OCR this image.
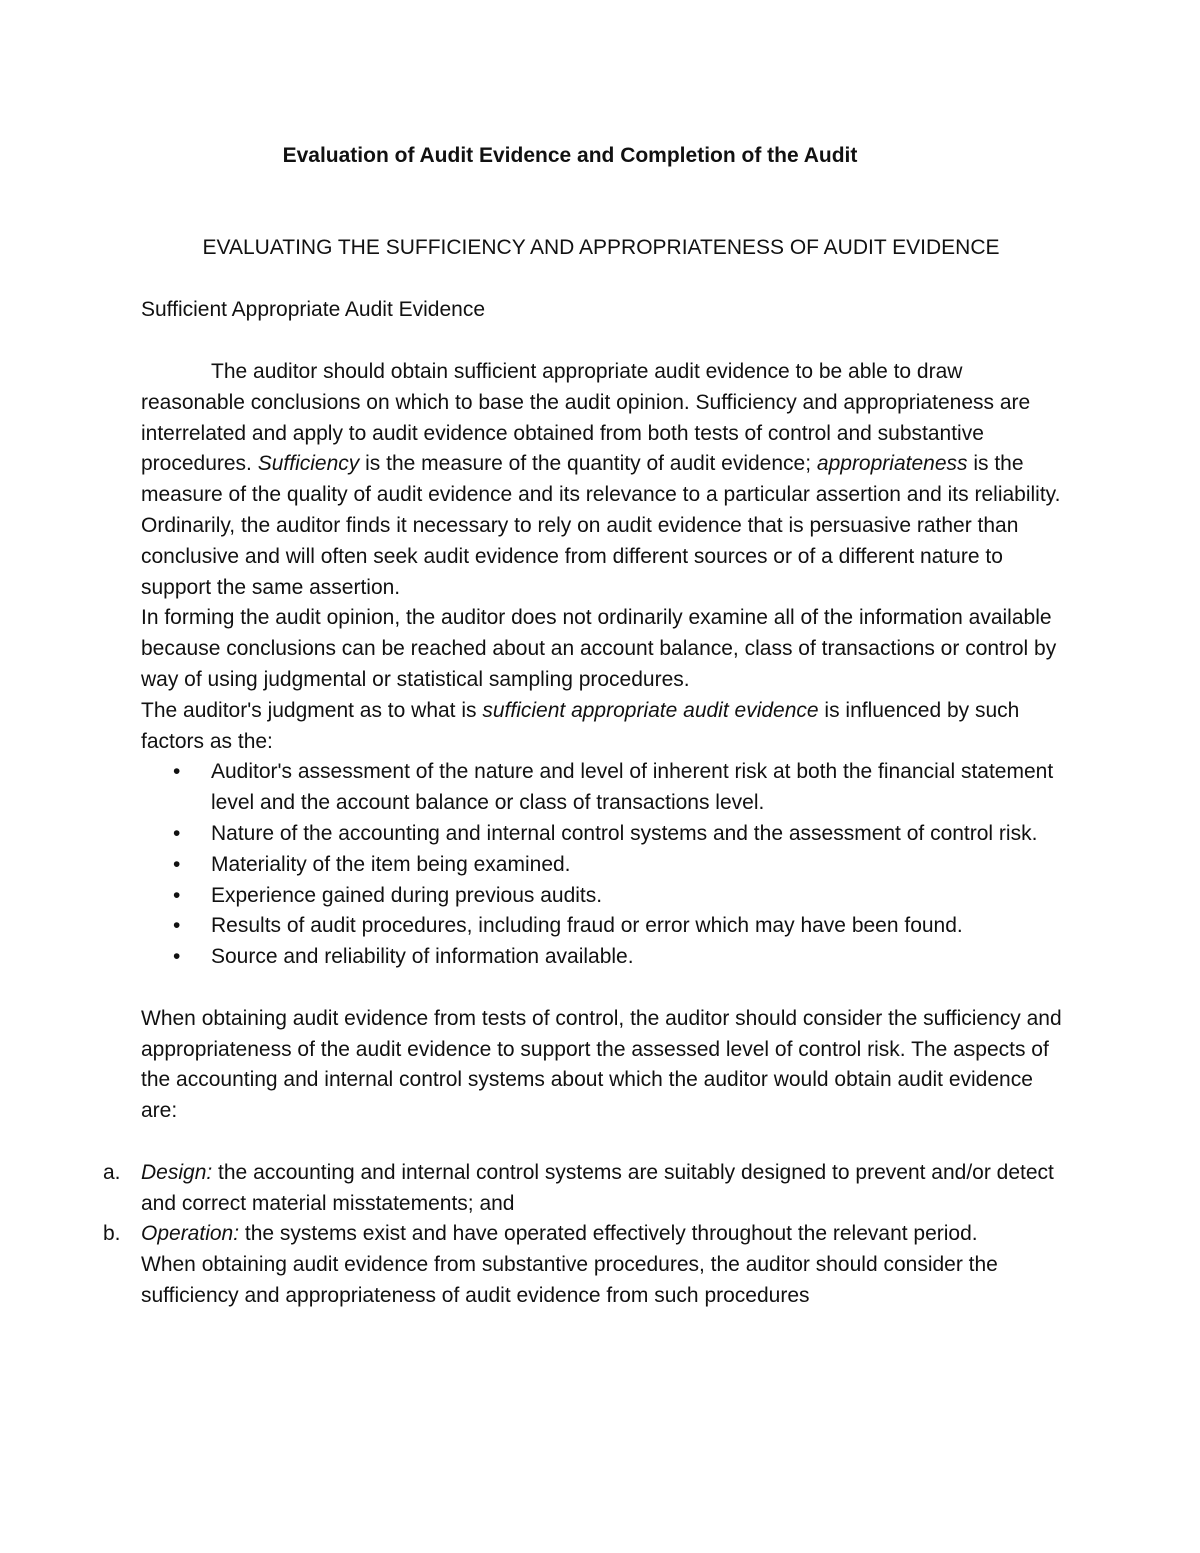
Evaluation of Audit Evidence and Completion of the Audit
EVALUATING THE SUFFICIENCY AND APPROPRIATENESS OF AUDIT EVIDENCE
Sufficient Appropriate Audit Evidence

The auditor should obtain sufficient appropriate audit evidence to be able to draw reasonable conclusions on which to base the audit opinion. Sufficiency and appropriateness are interrelated and apply to audit evidence obtained from both tests of control and substantive procedures. Sufficiency is the measure of the quantity of audit evidence; appropriateness is the measure of the quality of audit evidence and its relevance to a particular assertion and its reliability. Ordinarily, the auditor finds it necessary to rely on audit evidence that is persuasive rather than conclusive and will often seek audit evidence from different sources or of a different nature to support the same assertion.

In forming the audit opinion, the auditor does not ordinarily examine all of the information available because conclusions can be reached about an account balance, class of transactions or control by way of using judgmental or statistical sampling procedures.

The auditor's judgment as to what is sufficient appropriate audit evidence is influenced by such factors as the:

• Auditor's assessment of the nature and level of inherent risk at both the financial statement level and the account balance or class of transactions level.
• Nature of the accounting and internal control systems and the assessment of control risk.
• Materiality of the item being examined.
• Experience gained during previous audits.
• Results of audit procedures, including fraud or error which may have been found.
• Source and reliability of information available.

When obtaining audit evidence from tests of control, the auditor should consider the sufficiency and appropriateness of the audit evidence to support the assessed level of control risk. The aspects of the accounting and internal control systems about which the auditor would obtain audit evidence are:

a. Design: the accounting and internal control systems are suitably designed to prevent and/or detect and correct material misstatements; and
b. Operation: the systems exist and have operated effectively throughout the relevant period.

When obtaining audit evidence from substantive procedures, the auditor should consider the sufficiency and appropriateness of audit evidence from such procedures
